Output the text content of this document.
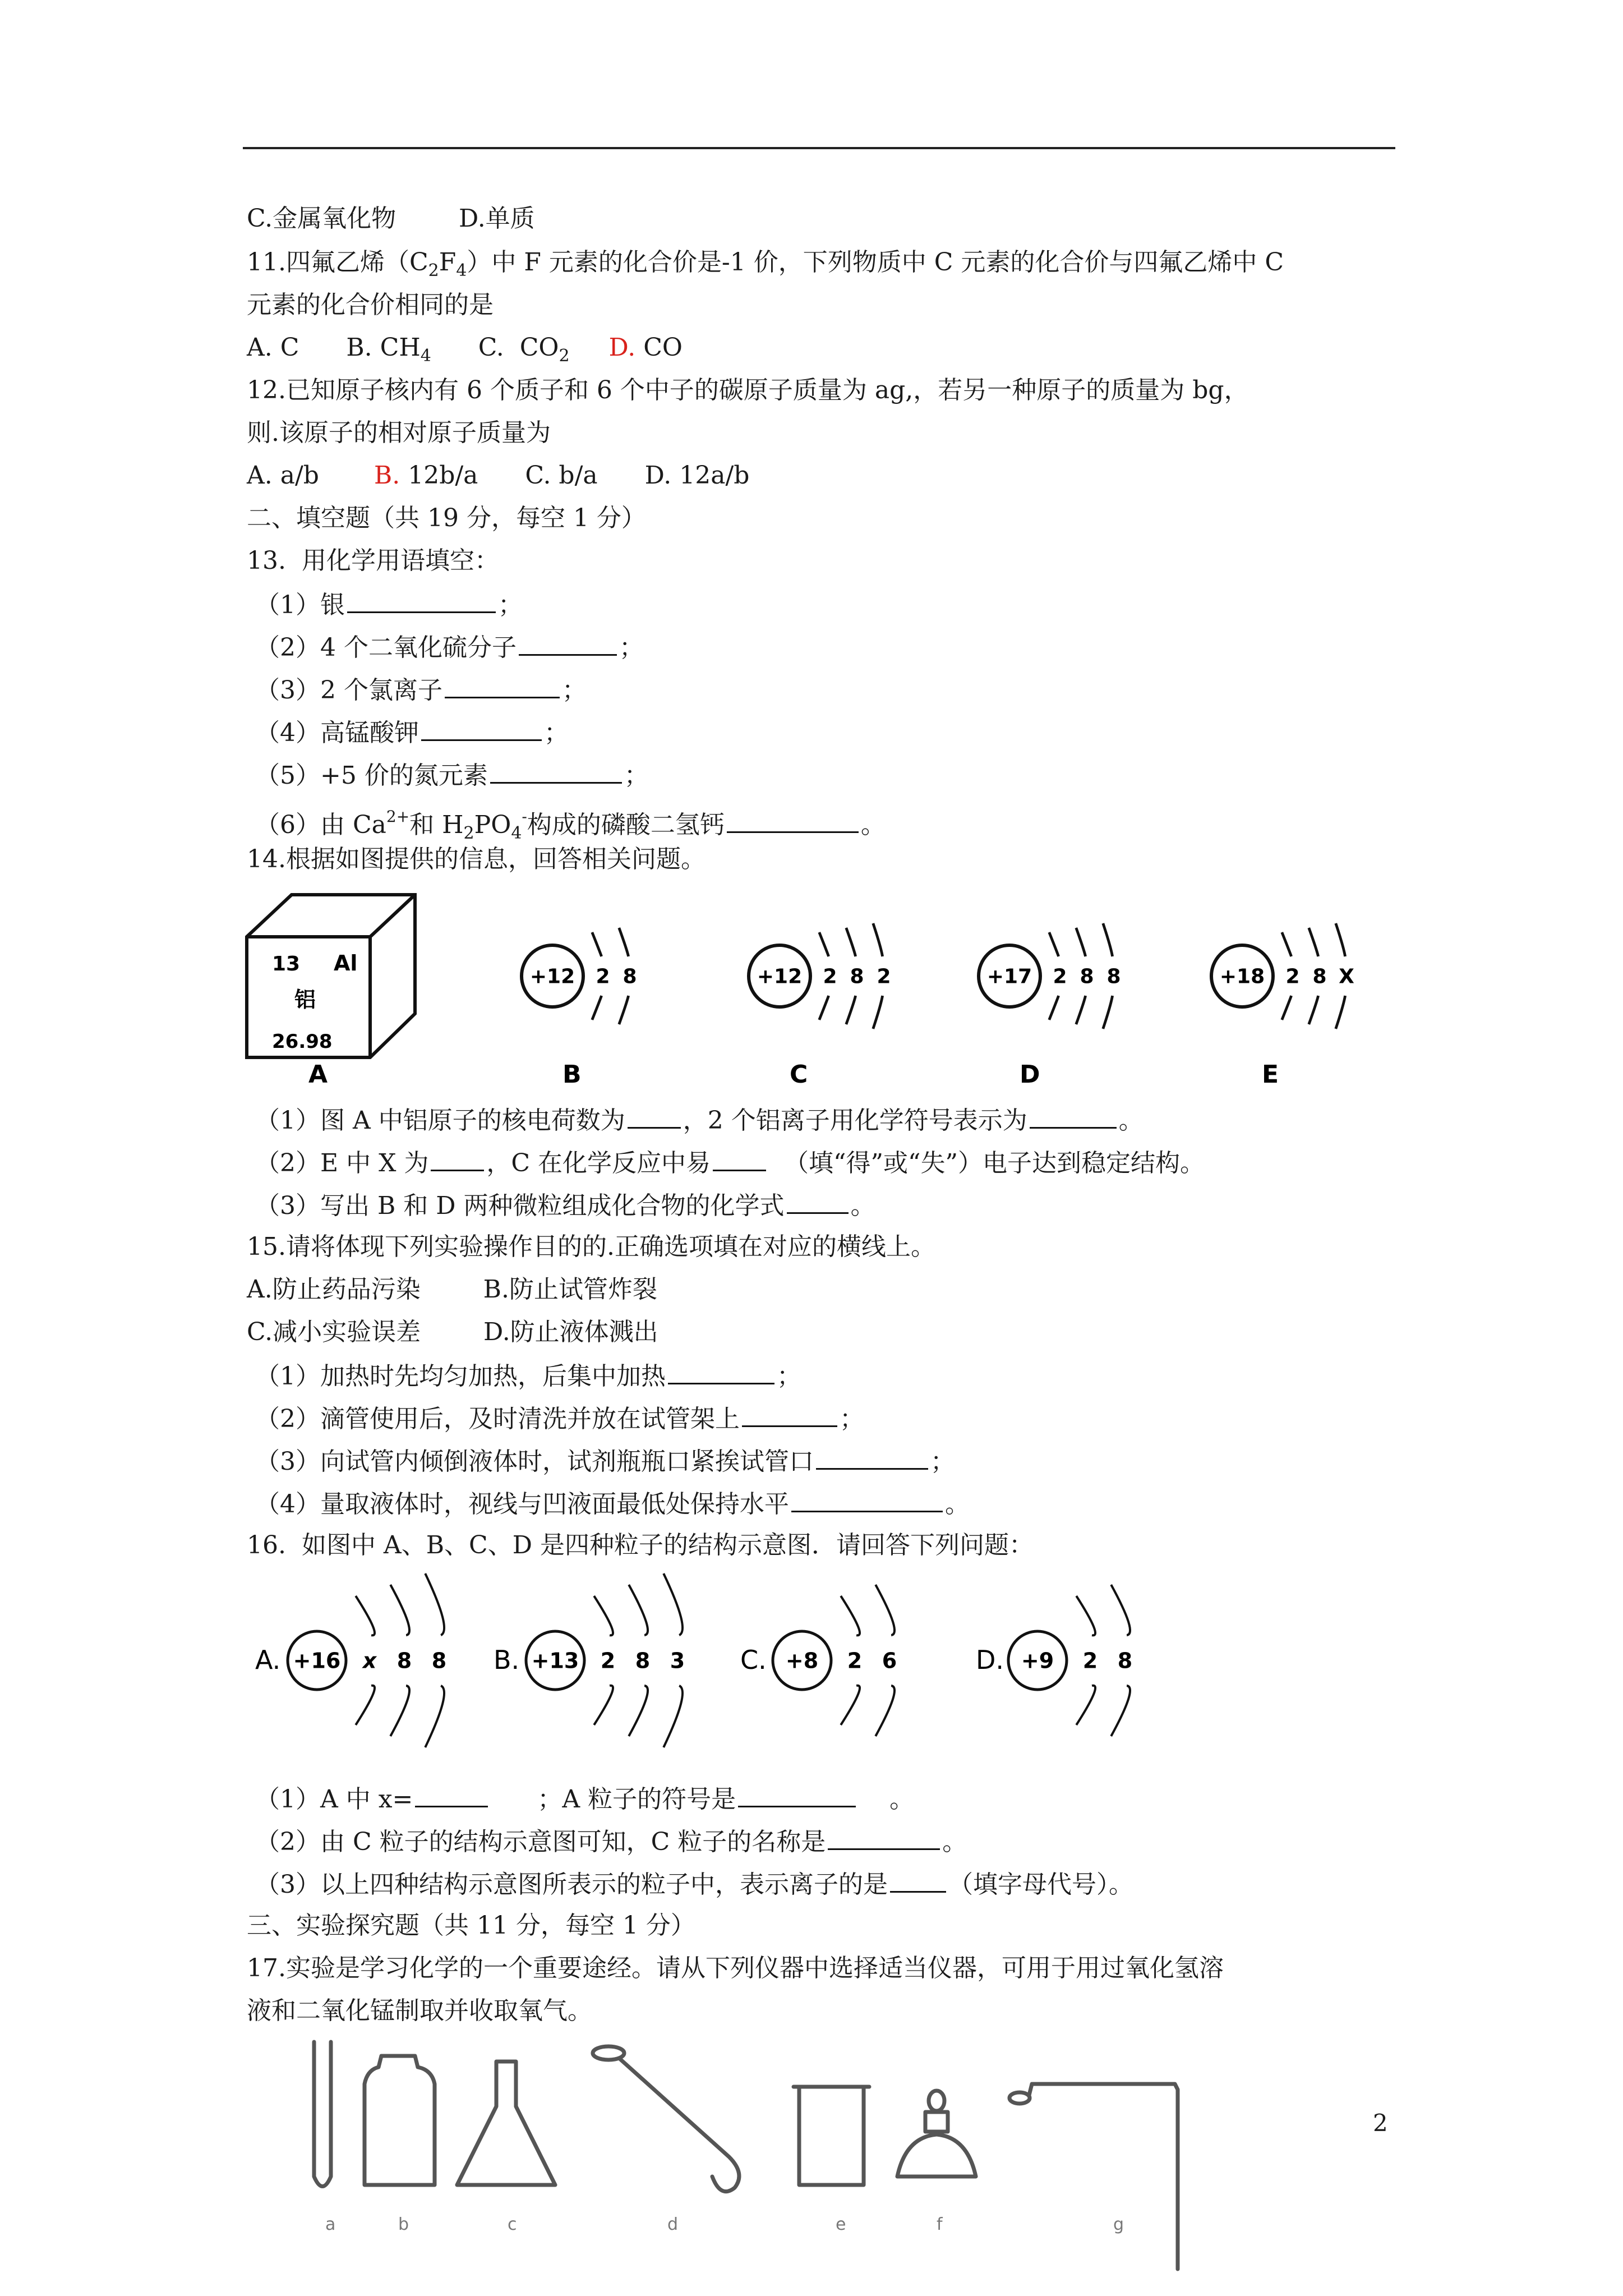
C.金属氧化物	D.单质
11.四氟乙烯$(C_2F_4)$中 F 元素的化合价是-1 价，下列物质中 C 元素的化合价与四氟乙烯中 C
元素的化合价相同的是
A. C B. $CH_4$ C.  $CO_2$ D. CO
12.已知原子核内有 6 个质子和 6 个中子的碳原子质量为 ag,，若另一种原子的质量为 bg，
则.该原子的相对原子质量为
A. a/b B. 12b/a C. b/a D. 12a/b
二、填空题（共 19 分，每空 1 分）
13.  用化学用语填空：
（1）银	；
（2）4 个二氧化硫分子	；
（3）2 个氯离子	；
（4）高锰酸钾	；
（5）+5 价的氮元素	；
（6）由 $Ca^{2+}$和 $H_2PO_4^-$构成的磷酸二氢钙	。
14.根据如图提供的信息，回答相关问题。
13 Al
铝
26.98
+12 2 8	+12 2 8 2	+17 2 8 8	+18 2 8 X
A	B	C	D	E
（1）图 A 中铝原子的核电荷数为 ，2 个铝离子用化学符号表示为	。
（2）E 中 X 为 ，C 在化学反应中易  （填“得”或“失”）电子达到稳定结构。
（3）写出 B 和 D 两种微粒组成化合物的化学式	。
15.请将体现下列实验操作目的的.正确选项填在对应的横线上。
A.防止药品污染	B.防止试管炸裂
C.减小实验误差	D.防止液体溅出
（1）加热时先均匀加热，后集中加热	；
（2）滴管使用后，及时清洗并放在试管架上	；
（3）向试管内倾倒液体时，试剂瓶瓶口紧挨试管口	；
（4）量取液体时，视线与凹液面最低处保持水平	。
16.  如图中 A、B、C、D 是四种粒子的结构示意图．请回答下列问题：
A. +16 x 8 8 B. +13 2 8 3 C. +8 2 6	D. +9 2 8
（1）A 中 x=	；A 粒子的符号是	。
（2）由 C 粒子的结构示意图可知，C 粒子的名称是	。
（3）以上四种结构示意图所表示的粒子中，表示离子的是 （填字母代号）。
三、实验探究题（共 11 分，每空 1 分）
17.实验是学习化学的一个重要途经。请从下列仪器中选择适当仪器，可用于用过氧化氢溶
液和二氧化锰制取并收取氧气。
a	b	c	d	e	f	g
2
